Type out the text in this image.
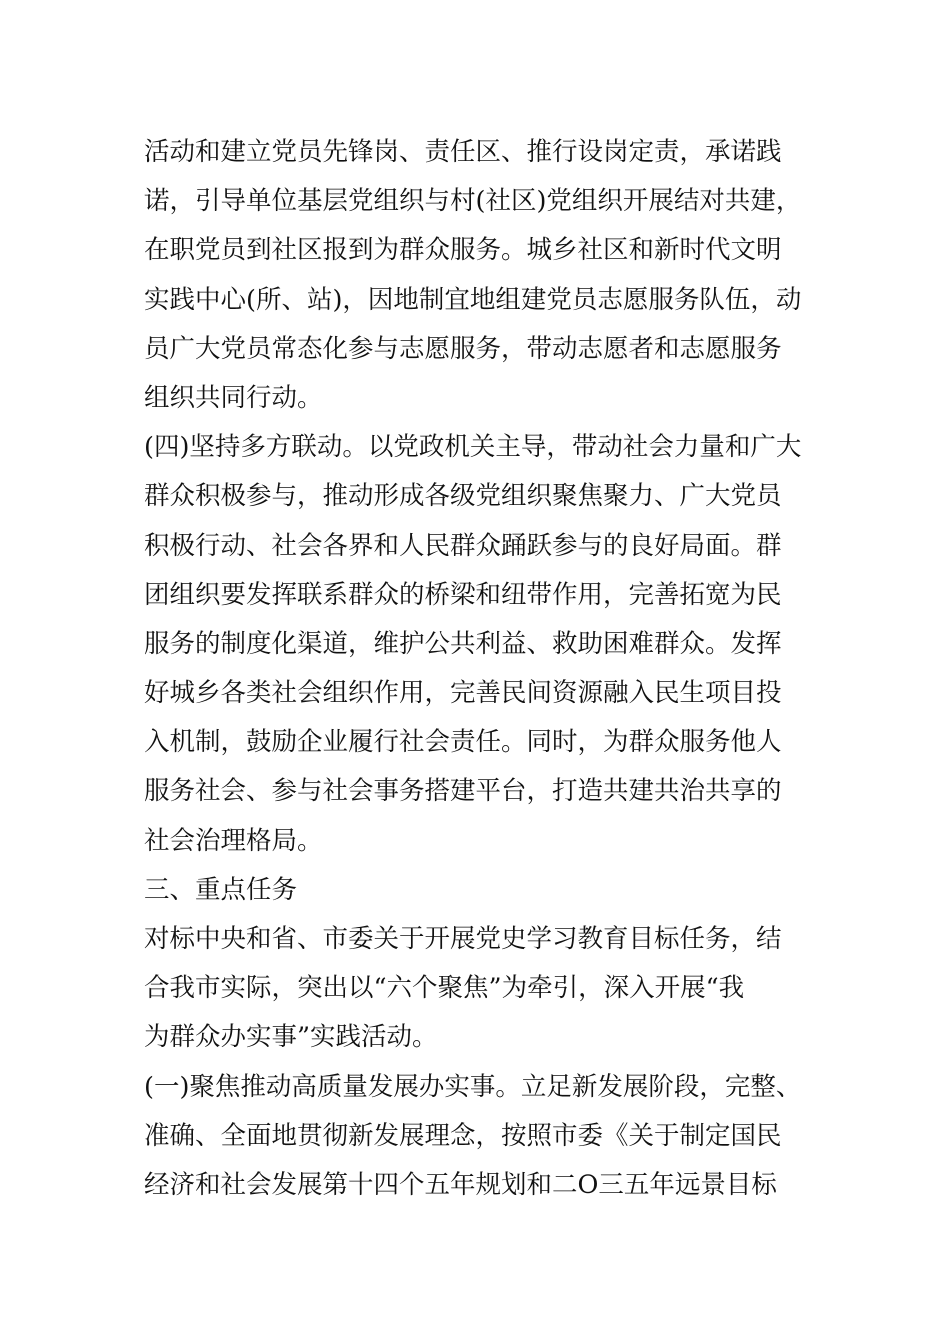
活动和建立党员先锋岗、责任区、推行设岗定责，承诺践
诺，引导单位基层党组织与村(社区)党组织开展结对共建，
在职党员到社区报到为群众服务。城乡社区和新时代文明
实践中心(所、站)，因地制宜地组建党员志愿服务队伍，动
员广大党员常态化参与志愿服务，带动志愿者和志愿服务
组织共同行动。
(四)坚持多方联动。以党政机关主导，带动社会力量和广大
群众积极参与，推动形成各级党组织聚焦聚力、广大党员
积极行动、社会各界和人民群众踊跃参与的良好局面。群
团组织要发挥联系群众的桥梁和纽带作用，完善拓宽为民
服务的制度化渠道，维护公共利益、救助困难群众。发挥
好城乡各类社会组织作用，完善民间资源融入民生项目投
入机制，鼓励企业履行社会责任。同时，为群众服务他人
服务社会、参与社会事务搭建平台，打造共建共治共享的
社会治理格局。
三、重点任务
对标中央和省、市委关于开展党史学习教育目标任务，结
合我市实际，突出以“六个聚焦”为牵引，深入开展“我
为群众办实事”实践活动。
(一)聚焦推动高质量发展办实事。立足新发展阶段，完整、
准确、全面地贯彻新发展理念，按照市委《关于制定国民
经济和社会发展第十四个五年规划和二O三五年远景目标
